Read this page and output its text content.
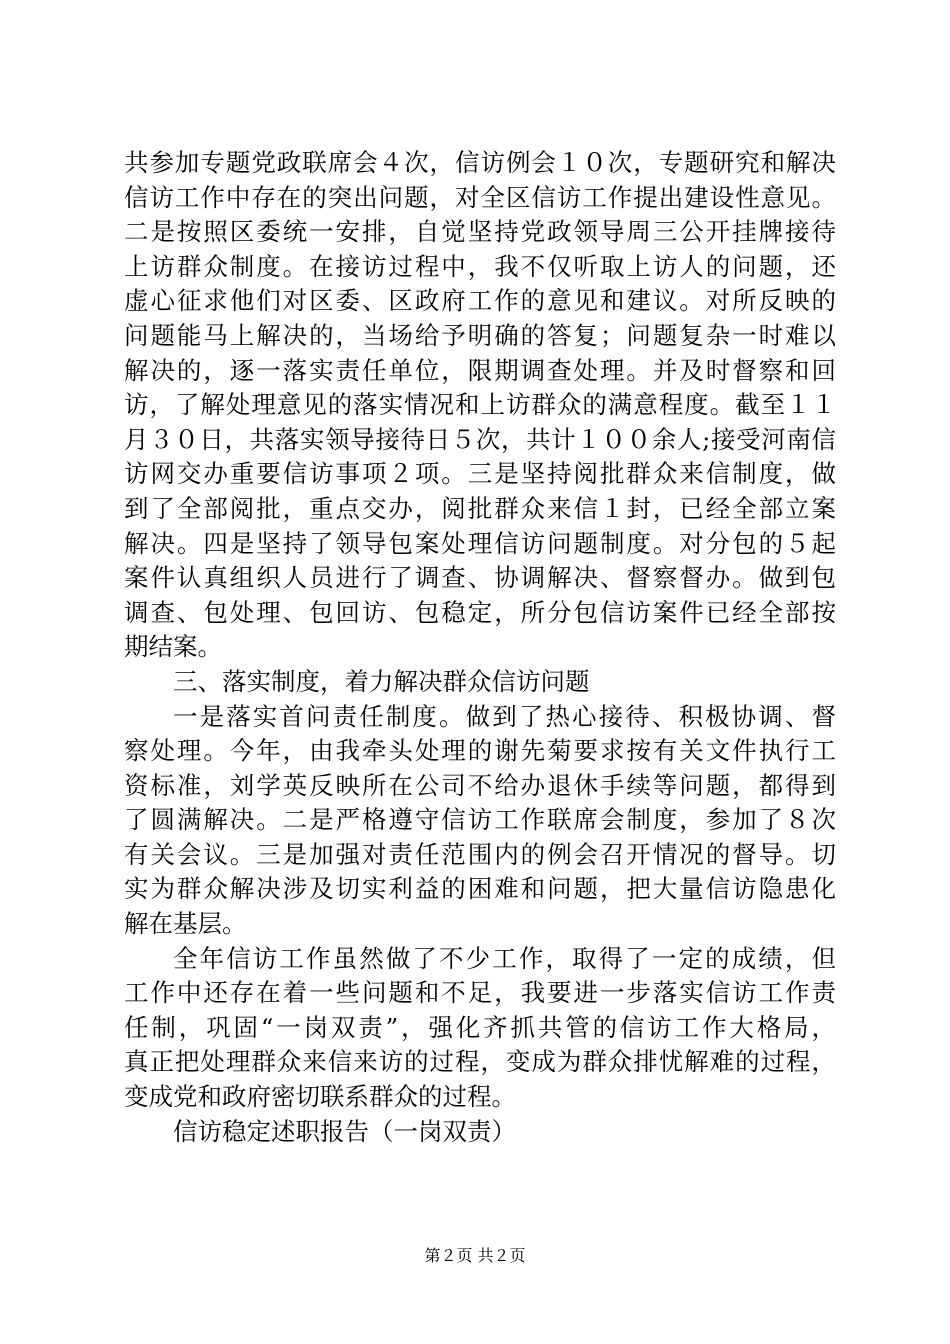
共参加专题党政联席会４次，信访例会１０次，专题研究和解决
信访工作中存在的突出问题，对全区信访工作提出建设性意见。
二是按照区委统一安排，自觉坚持党政领导周三公开挂牌接待
上访群众制度。在接访过程中，我不仅听取上访人的问题，还
虚心征求他们对区委、区政府工作的意见和建议。对所反映的
问题能马上解决的，当场给予明确的答复；问题复杂一时难以
解决的，逐一落实责任单位，限期调查处理。并及时督察和回
访，了解处理意见的落实情况和上访群众的满意程度。截至１１
月３０日，共落实领导接待日５次，共计１００余人;接受河南信
访网交办重要信访事项２项。三是坚持阅批群众来信制度，做
到了全部阅批，重点交办，阅批群众来信１封，已经全部立案
解决。四是坚持了领导包案处理信访问题制度。对分包的５起
案件认真组织人员进行了调查、协调解决、督察督办。做到包
调查、包处理、包回访、包稳定，所分包信访案件已经全部按
期结案。
三、落实制度，着力解决群众信访问题
一是落实首问责任制度。做到了热心接待、积极协调、督
察处理。今年，由我牵头处理的谢先菊要求按有关文件执行工
资标准，刘学英反映所在公司不给办退休手续等问题，都得到
了圆满解决。二是严格遵守信访工作联席会制度，参加了８次
有关会议。三是加强对责任范围内的例会召开情况的督导。切
实为群众解决涉及切实利益的困难和问题，把大量信访隐患化
解在基层。
全年信访工作虽然做了不少工作，取得了一定的成绩，但
工作中还存在着一些问题和不足，我要进一步落实信访工作责
任制，巩固“一岗双责”，强化齐抓共管的信访工作大格局，
真正把处理群众来信来访的过程，变成为群众排忧解难的过程，
变成党和政府密切联系群众的过程。
信访稳定述职报告（一岗双责）
第２页 共２页
